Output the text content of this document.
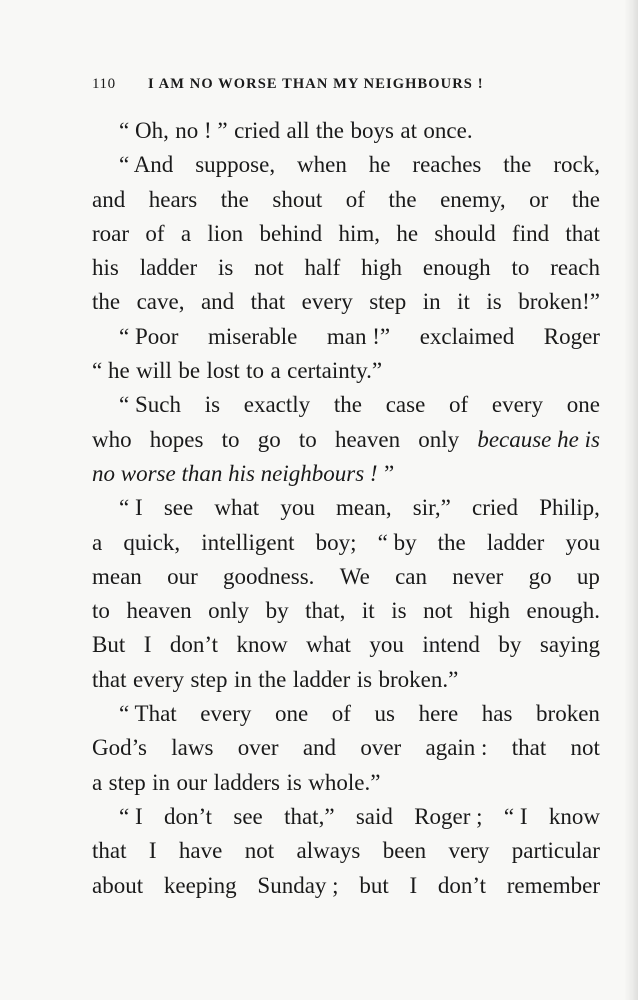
110 I AM NO WORSE THAN MY NEIGHBOURS !
“ Oh, no ! ” cried all the boys at once.
“ And suppose, when he reaches the rock,
and hears the shout of the enemy, or the
roar of a lion behind him, he should find that
his ladder is not half high enough to reach
the cave, and that every step in it is broken!”
“ Poor miserable man !” exclaimed Roger
“ he will be lost to a certainty.”
“ Such is exactly the case of every one
who hopes to go to heaven only because he is
no worse than his neighbours ! ”
“ I see what you mean, sir,” cried Philip,
a quick, intelligent boy; “ by the ladder you
mean our goodness. We can never go up
to heaven only by that, it is not high enough.
But I don’t know what you intend by saying
that every step in the ladder is broken.”
“ That every one of us here has broken
God’s laws over and over again : that not
a step in our ladders is whole.”
“ I don’t see that,” said Roger ; “ I know
that I have not always been very particular
about keeping Sunday ; but I don’t remember
